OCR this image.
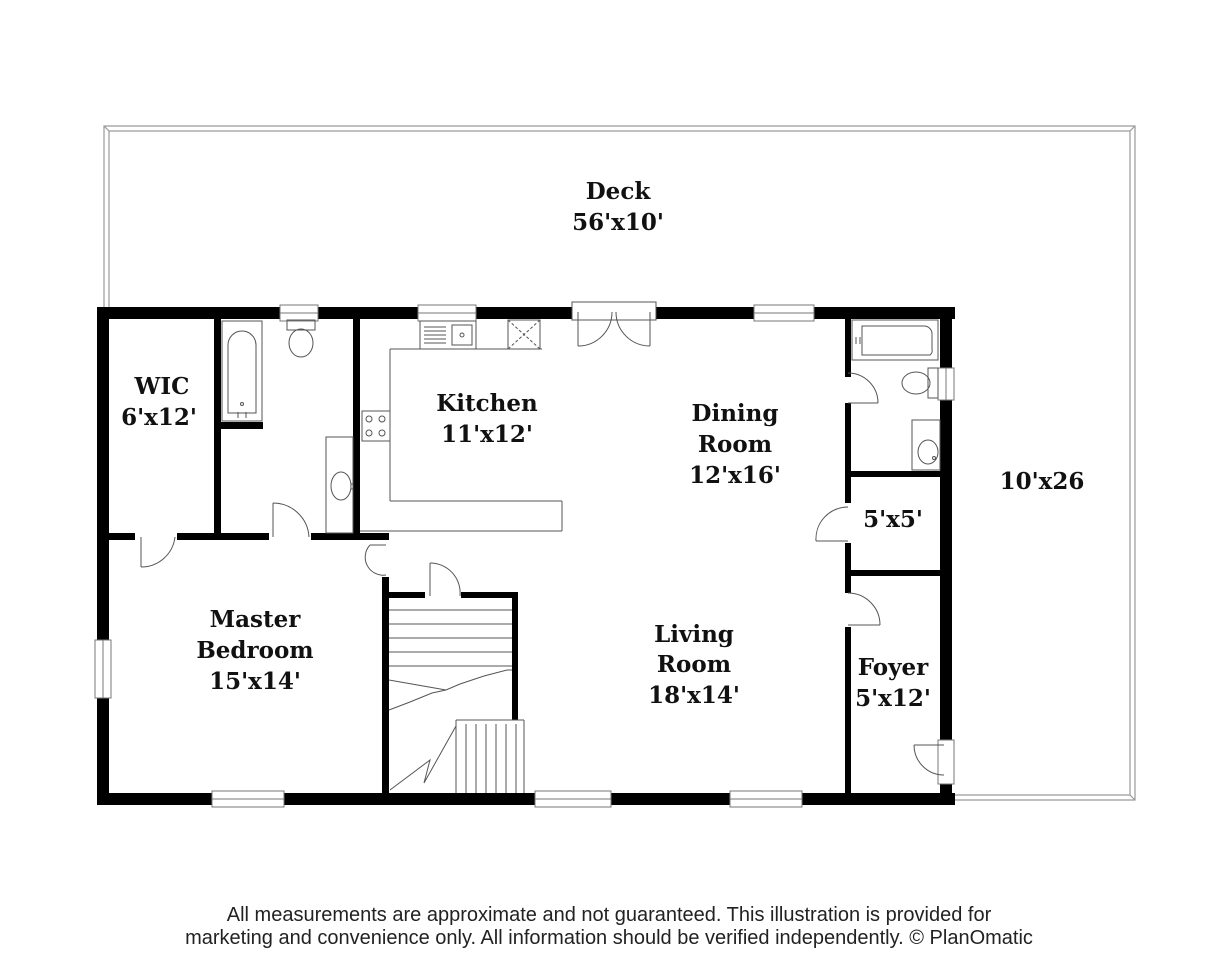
Deck
56'x10'
10'x26
WIC
6'x12'
Kitchen
11'x12'
Dining
Room
12'x16'
5'x5'
Master
Bedroom
15'x14'
Living
Room
18'x14'
Foyer
5'x12'
All measurements are approximate and not guaranteed. This illustration is provided for
marketing and convenience only. All information should be verified independently. © PlanOmatic
